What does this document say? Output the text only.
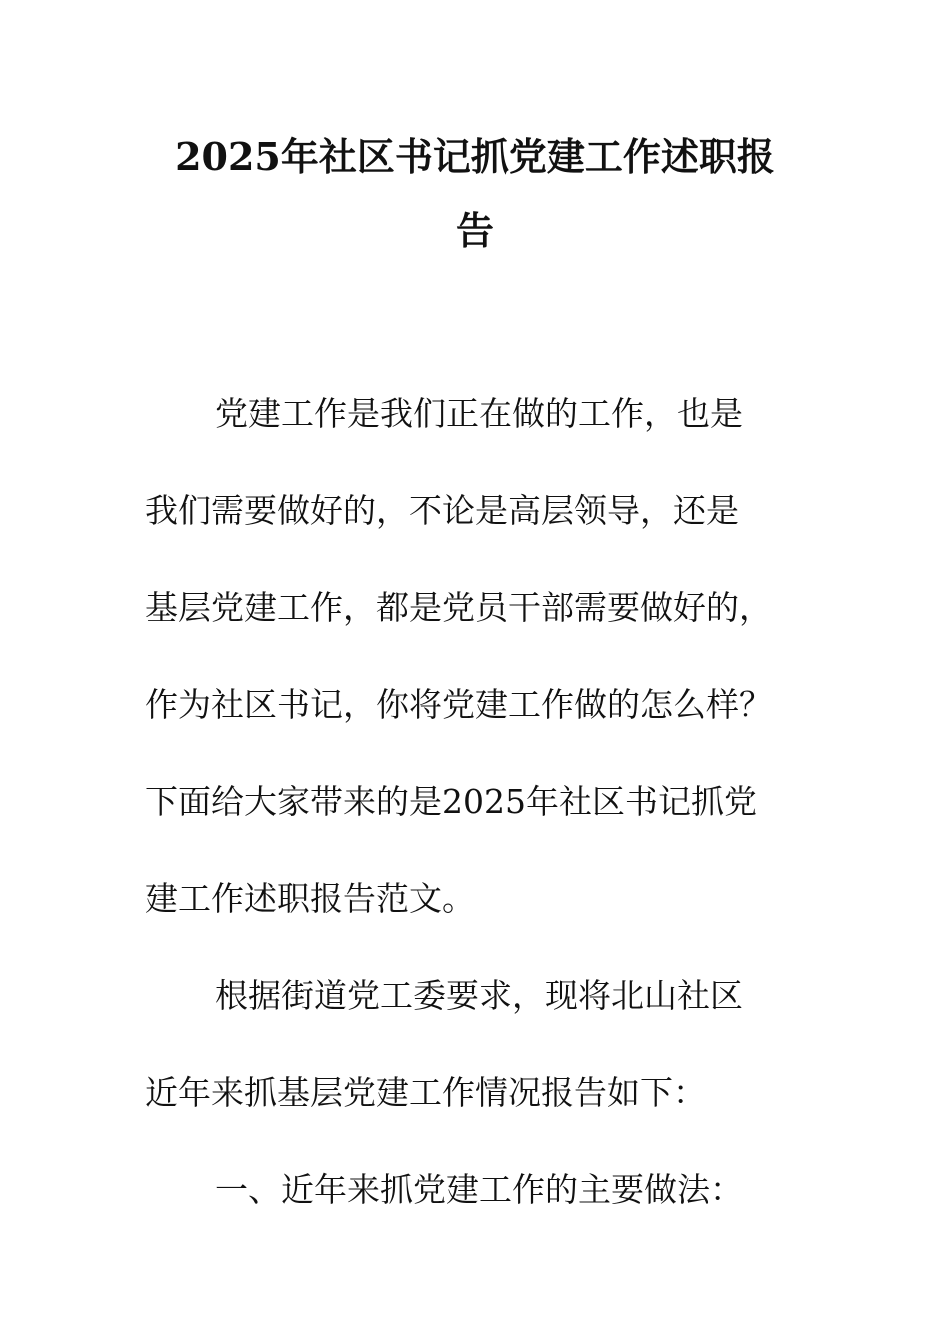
2025年社区书记抓党建工作述职报
告
党建工作是我们正在做的工作，也是
我们需要做好的，不论是高层领导，还是
基层党建工作，都是党员干部需要做好的，
作为社区书记，你将党建工作做的怎么样？
下面给大家带来的是2025年社区书记抓党
建工作述职报告范文。
根据街道党工委要求，现将北山社区
近年来抓基层党建工作情况报告如下：
一、近年来抓党建工作的主要做法：
